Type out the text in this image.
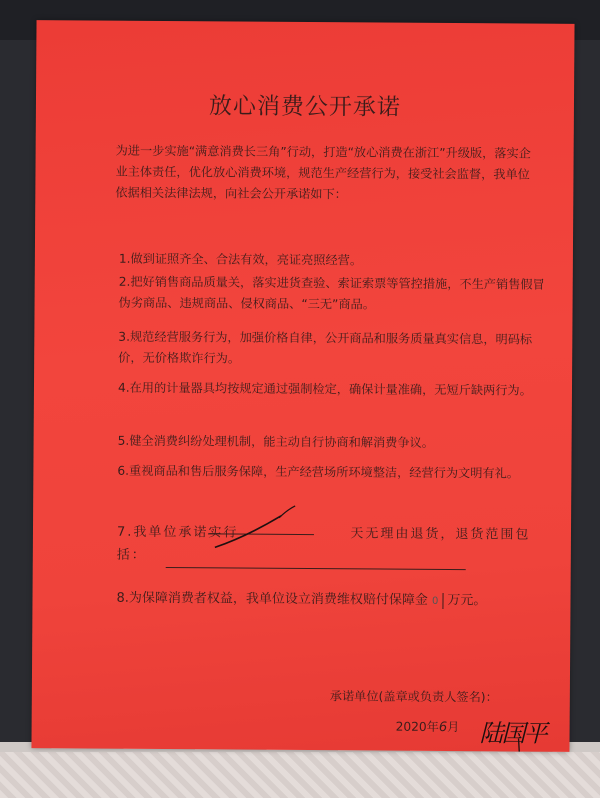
放心消费公开承诺
为进一步实施“满意消费长三角”行动，打造“放心消费在浙江”升级版，落实企业主体责任，优化放心消费环境，规范生产经营行为，接受社会监督，我单位依据相关法律法规，向社会公开承诺如下：
1.做到证照齐全、合法有效，亮证亮照经营。
2.把好销售商品质量关，落实进货查验、索证索票等管控措施，不生产销售假冒伪劣商品、违规商品、侵权商品、“三无”商品。
3.规范经营服务行为，加强价格自律，公开商品和服务质量真实信息，明码标价，无价格欺诈行为。
4.在用的计量器具均按规定通过强制检定，确保计量准确，无短斤缺两行为。
5.健全消费纠纷处理机制，能主动自行协商和解消费争议。
6.重视商品和售后服务保障，生产经营场所环境整洁，经营行为文明有礼。
7.我单位承诺实行	天无理由退货，退货范围包括：
8.为保障消费者权益，我单位设立消费维权赔付保障金 0 万元。
承诺单位(盖章或负责人签名)：
2020年6月 陆国平
